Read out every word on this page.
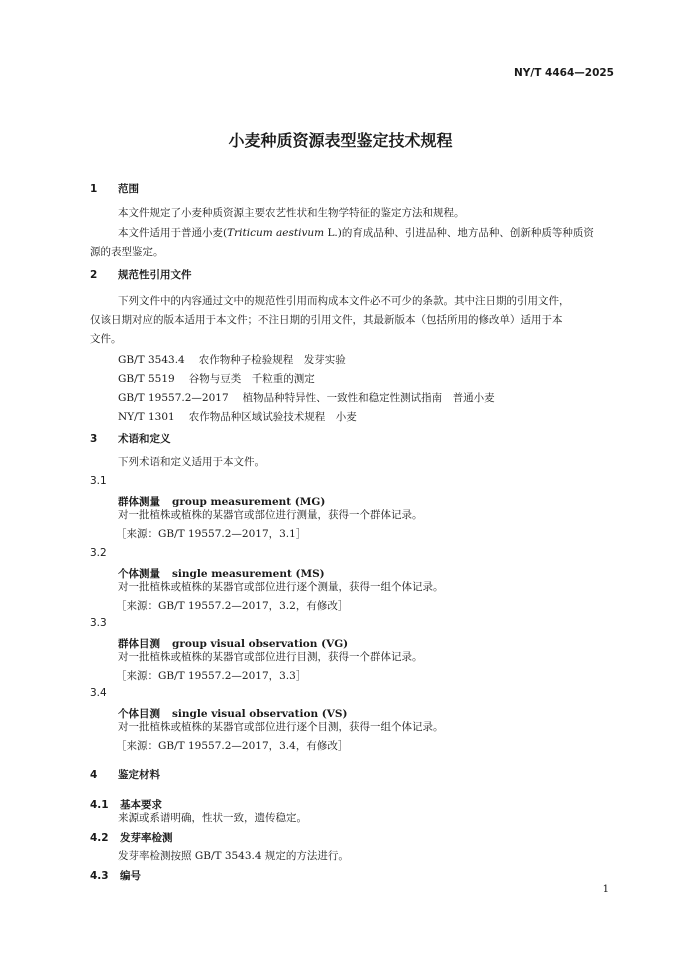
NY/T 4464—2025
小麦种质资源表型鉴定技术规程
1 范围
本文件规定了小麦种质资源主要农艺性状和生物学特征的鉴定方法和规程。
本文件适用于普通小麦(Triticum aestivum L.)的育成品种、引进品种、地方品种、创新种质等种质资
源的表型鉴定。
2 规范性引用文件
下列文件中的内容通过文中的规范性引用而构成本文件必不可少的条款。其中注日期的引用文件，
仅该日期对应的版本适用于本文件；不注日期的引用文件，其最新版本（包括所用的修改单）适用于本
文件。
GB/T 3543.4 农作物种子检验规程　发芽实验
GB/T 5519 谷物与豆类　千粒重的测定
GB/T 19557.2—2017 植物品种特异性、一致性和稳定性测试指南　普通小麦
NY/T 1301 农作物品种区域试验技术规程　小麦
3 术语和定义
下列术语和定义适用于本文件。
3.1
群体测量 group measurement (MG)
对一批植株或植株的某器官或部位进行测量，获得一个群体记录。
［来源：GB/T 19557.2—2017，3.1］
3.2
个体测量 single measurement (MS)
对一批植株或植株的某器官或部位进行逐个测量，获得一组个体记录。
［来源：GB/T 19557.2—2017，3.2，有修改］
3.3
群体目测 group visual observation (VG)
对一批植株或植株的某器官或部位进行目测，获得一个群体记录。
［来源：GB/T 19557.2—2017，3.3］
3.4
个体目测 single visual observation (VS)
对一批植株或植株的某器官或部位进行逐个目测，获得一组个体记录。
［来源：GB/T 19557.2—2017，3.4，有修改］
4 鉴定材料
4.1 基本要求
来源或系谱明确，性状一致，遗传稳定。
4.2 发芽率检测
发芽率检测按照 GB/T 3543.4 规定的方法进行。
4.3 编号
1
